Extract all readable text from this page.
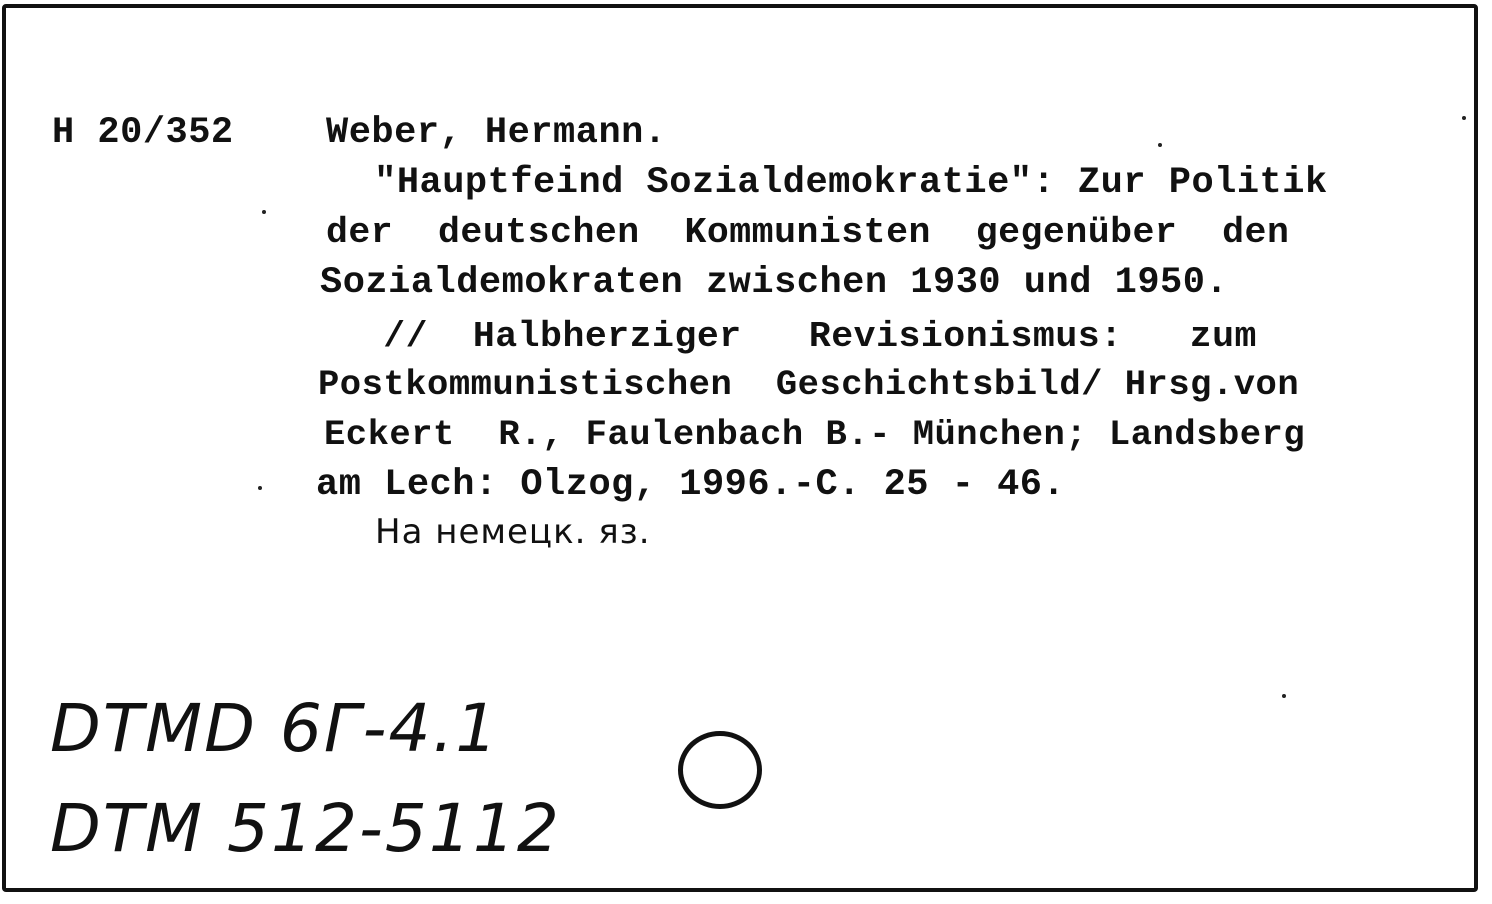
H 20/352 Weber, Hermann.
"Hauptfeind Sozialdemokratie": Zur Politik
der  deutschen  Kommunisten  gegenüber  den
Sozialdemokraten zwischen 1930 und 1950.
//  Halbherziger   Revisionismus:   zum
Postkommunistischen  Geschichtsbild/ Hrsg.von
Eckert  R., Faulenbach B.- München; Landsberg
am Lech: Olzog, 1996.-C. 25 - 46.
На немецк. яз.
DTMD 6Г-4.1
DTM 512-5112
